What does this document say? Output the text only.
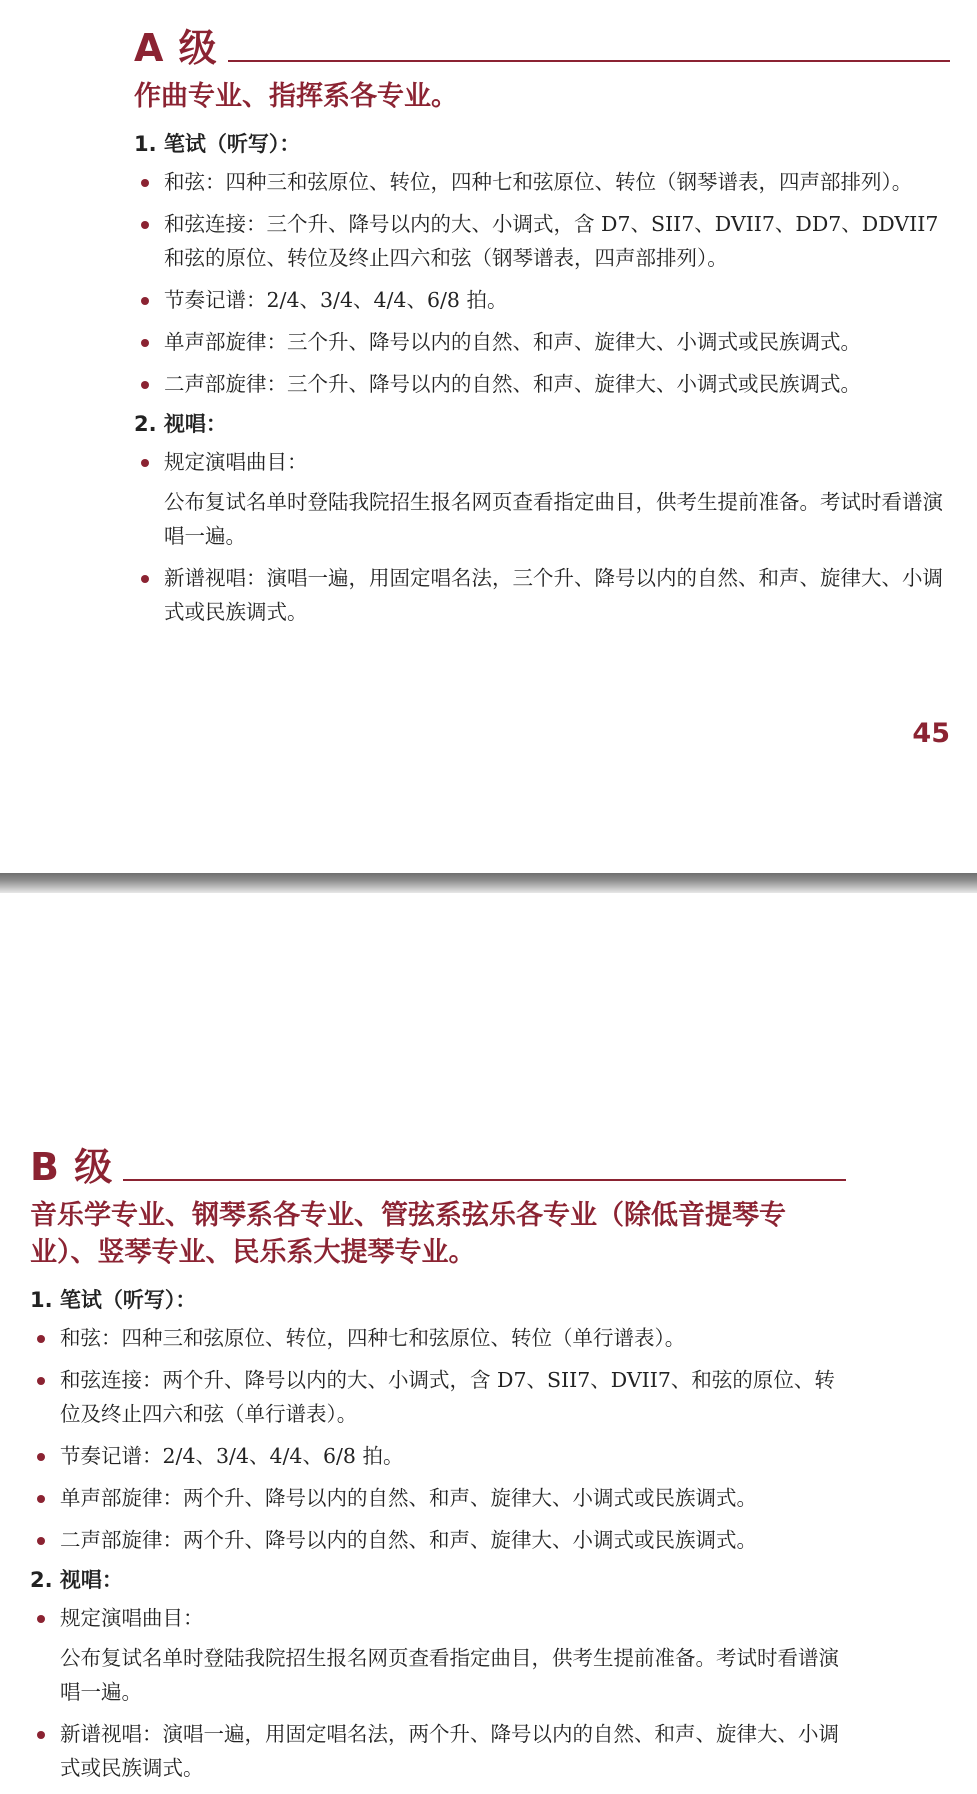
A 级
作曲专业、指挥系各专业。
1. 笔试（听写）：
和弦：四种三和弦原位、转位，四种七和弦原位、转位（钢琴谱表，四声部排列）。
和弦连接：三个升、降号以内的大、小调式，含 D7、SII7、DVII7、DD7、DDVII7 和弦的原位、转位及终止四六和弦（钢琴谱表，四声部排列）。
节奏记谱：2/4、3/4、4/4、6/8 拍。
单声部旋律：三个升、降号以内的自然、和声、旋律大、小调式或民族调式。
二声部旋律：三个升、降号以内的自然、和声、旋律大、小调式或民族调式。
2. 视唱：
规定演唱曲目：
公布复试名单时登陆我院招生报名网页查看指定曲目，供考生提前准备。考试时看谱演唱一遍。
新谱视唱：演唱一遍，用固定唱名法，三个升、降号以内的自然、和声、旋律大、小调式或民族调式。
45
B 级
音乐学专业、钢琴系各专业、管弦系弦乐各专业（除低音提琴专业）、竖琴专业、民乐系大提琴专业。
1. 笔试（听写）：
和弦：四种三和弦原位、转位，四种七和弦原位、转位（单行谱表）。
和弦连接：两个升、降号以内的大、小调式，含 D7、SII7、DVII7、和弦的原位、转位及终止四六和弦（单行谱表）。
节奏记谱：2/4、3/4、4/4、6/8 拍。
单声部旋律：两个升、降号以内的自然、和声、旋律大、小调式或民族调式。
二声部旋律：两个升、降号以内的自然、和声、旋律大、小调式或民族调式。
2. 视唱：
规定演唱曲目：
公布复试名单时登陆我院招生报名网页查看指定曲目，供考生提前准备。考试时看谱演唱一遍。
新谱视唱：演唱一遍，用固定唱名法，两个升、降号以内的自然、和声、旋律大、小调式或民族调式。
